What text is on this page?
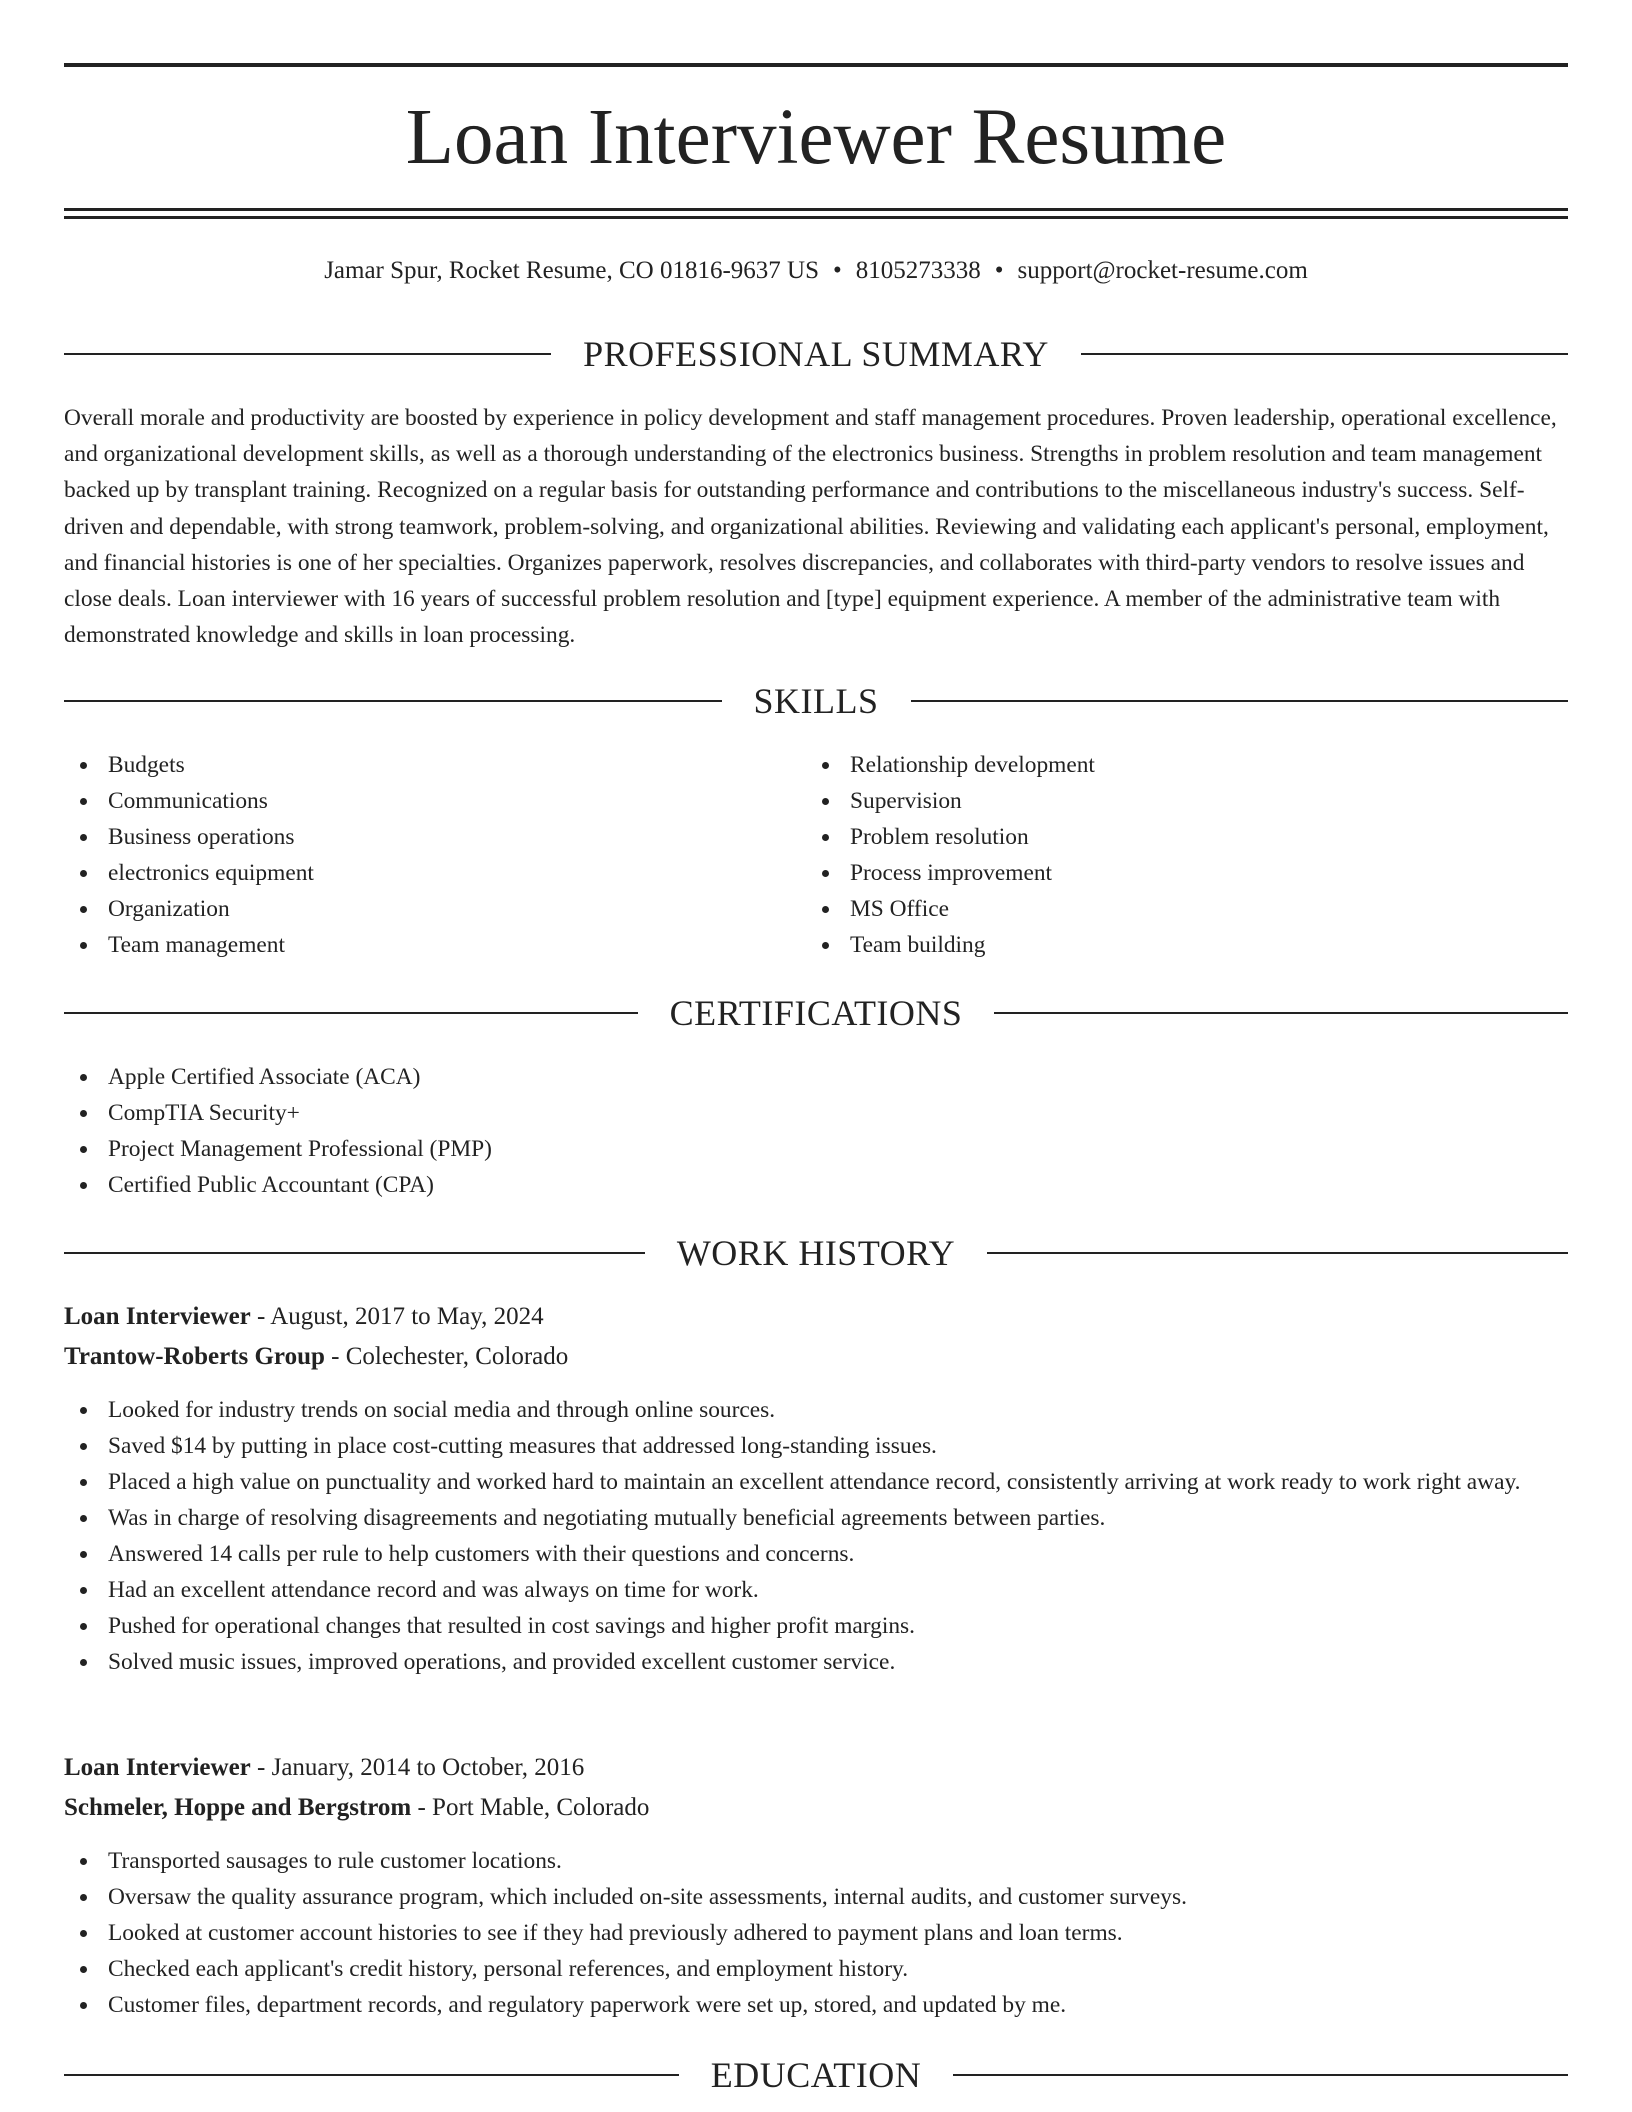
Loan Interviewer Resume
Jamar Spur, Rocket Resume, CO 01816-9637 US • 8105273338 • support@rocket-resume.com
PROFESSIONAL SUMMARY

Overall morale and productivity are boosted by experience in policy development and staff management procedures. Proven leadership, operational excellence, and organizational development skills, as well as a thorough understanding of the electronics business. Strengths in problem resolution and team management backed up by transplant training. Recognized on a regular basis for outstanding performance and contributions to the miscellaneous industry's success. Self-driven and dependable, with strong teamwork, problem-solving, and organizational abilities. Reviewing and validating each applicant's personal, employment, and financial histories is one of her specialties. Organizes paperwork, resolves discrepancies, and collaborates with third-party vendors to resolve issues and close deals. Loan interviewer with 16 years of successful problem resolution and [type] equipment experience. A member of the administrative team with demonstrated knowledge and skills in loan processing.

SKILLS
Budgets
Communications
Business operations
electronics equipment
Organization
Team management
Relationship development
Supervision
Problem resolution
Process improvement
MS Office
Team building
CERTIFICATIONS
Apple Certified Associate (ACA)
CompTIA Security+
Project Management Professional (PMP)
Certified Public Accountant (CPA)
WORK HISTORY
Loan Interviewer - August, 2017 to May, 2024
Trantow-Roberts Group - Colechester, Colorado
Looked for industry trends on social media and through online sources.
Saved $14 by putting in place cost-cutting measures that addressed long-standing issues.
Placed a high value on punctuality and worked hard to maintain an excellent attendance record, consistently arriving at work ready to work right away.
Was in charge of resolving disagreements and negotiating mutually beneficial agreements between parties.
Answered 14 calls per rule to help customers with their questions and concerns.
Had an excellent attendance record and was always on time for work.
Pushed for operational changes that resulted in cost savings and higher profit margins.
Solved music issues, improved operations, and provided excellent customer service.
Loan Interviewer - January, 2014 to October, 2016
Schmeler, Hoppe and Bergstrom - Port Mable, Colorado
Transported sausages to rule customer locations.
Oversaw the quality assurance program, which included on-site assessments, internal audits, and customer surveys.
Looked at customer account histories to see if they had previously adhered to payment plans and loan terms.
Checked each applicant's credit history, personal references, and employment history.
Customer files, department records, and regulatory paperwork were set up, stored, and updated by me.
EDUCATION
